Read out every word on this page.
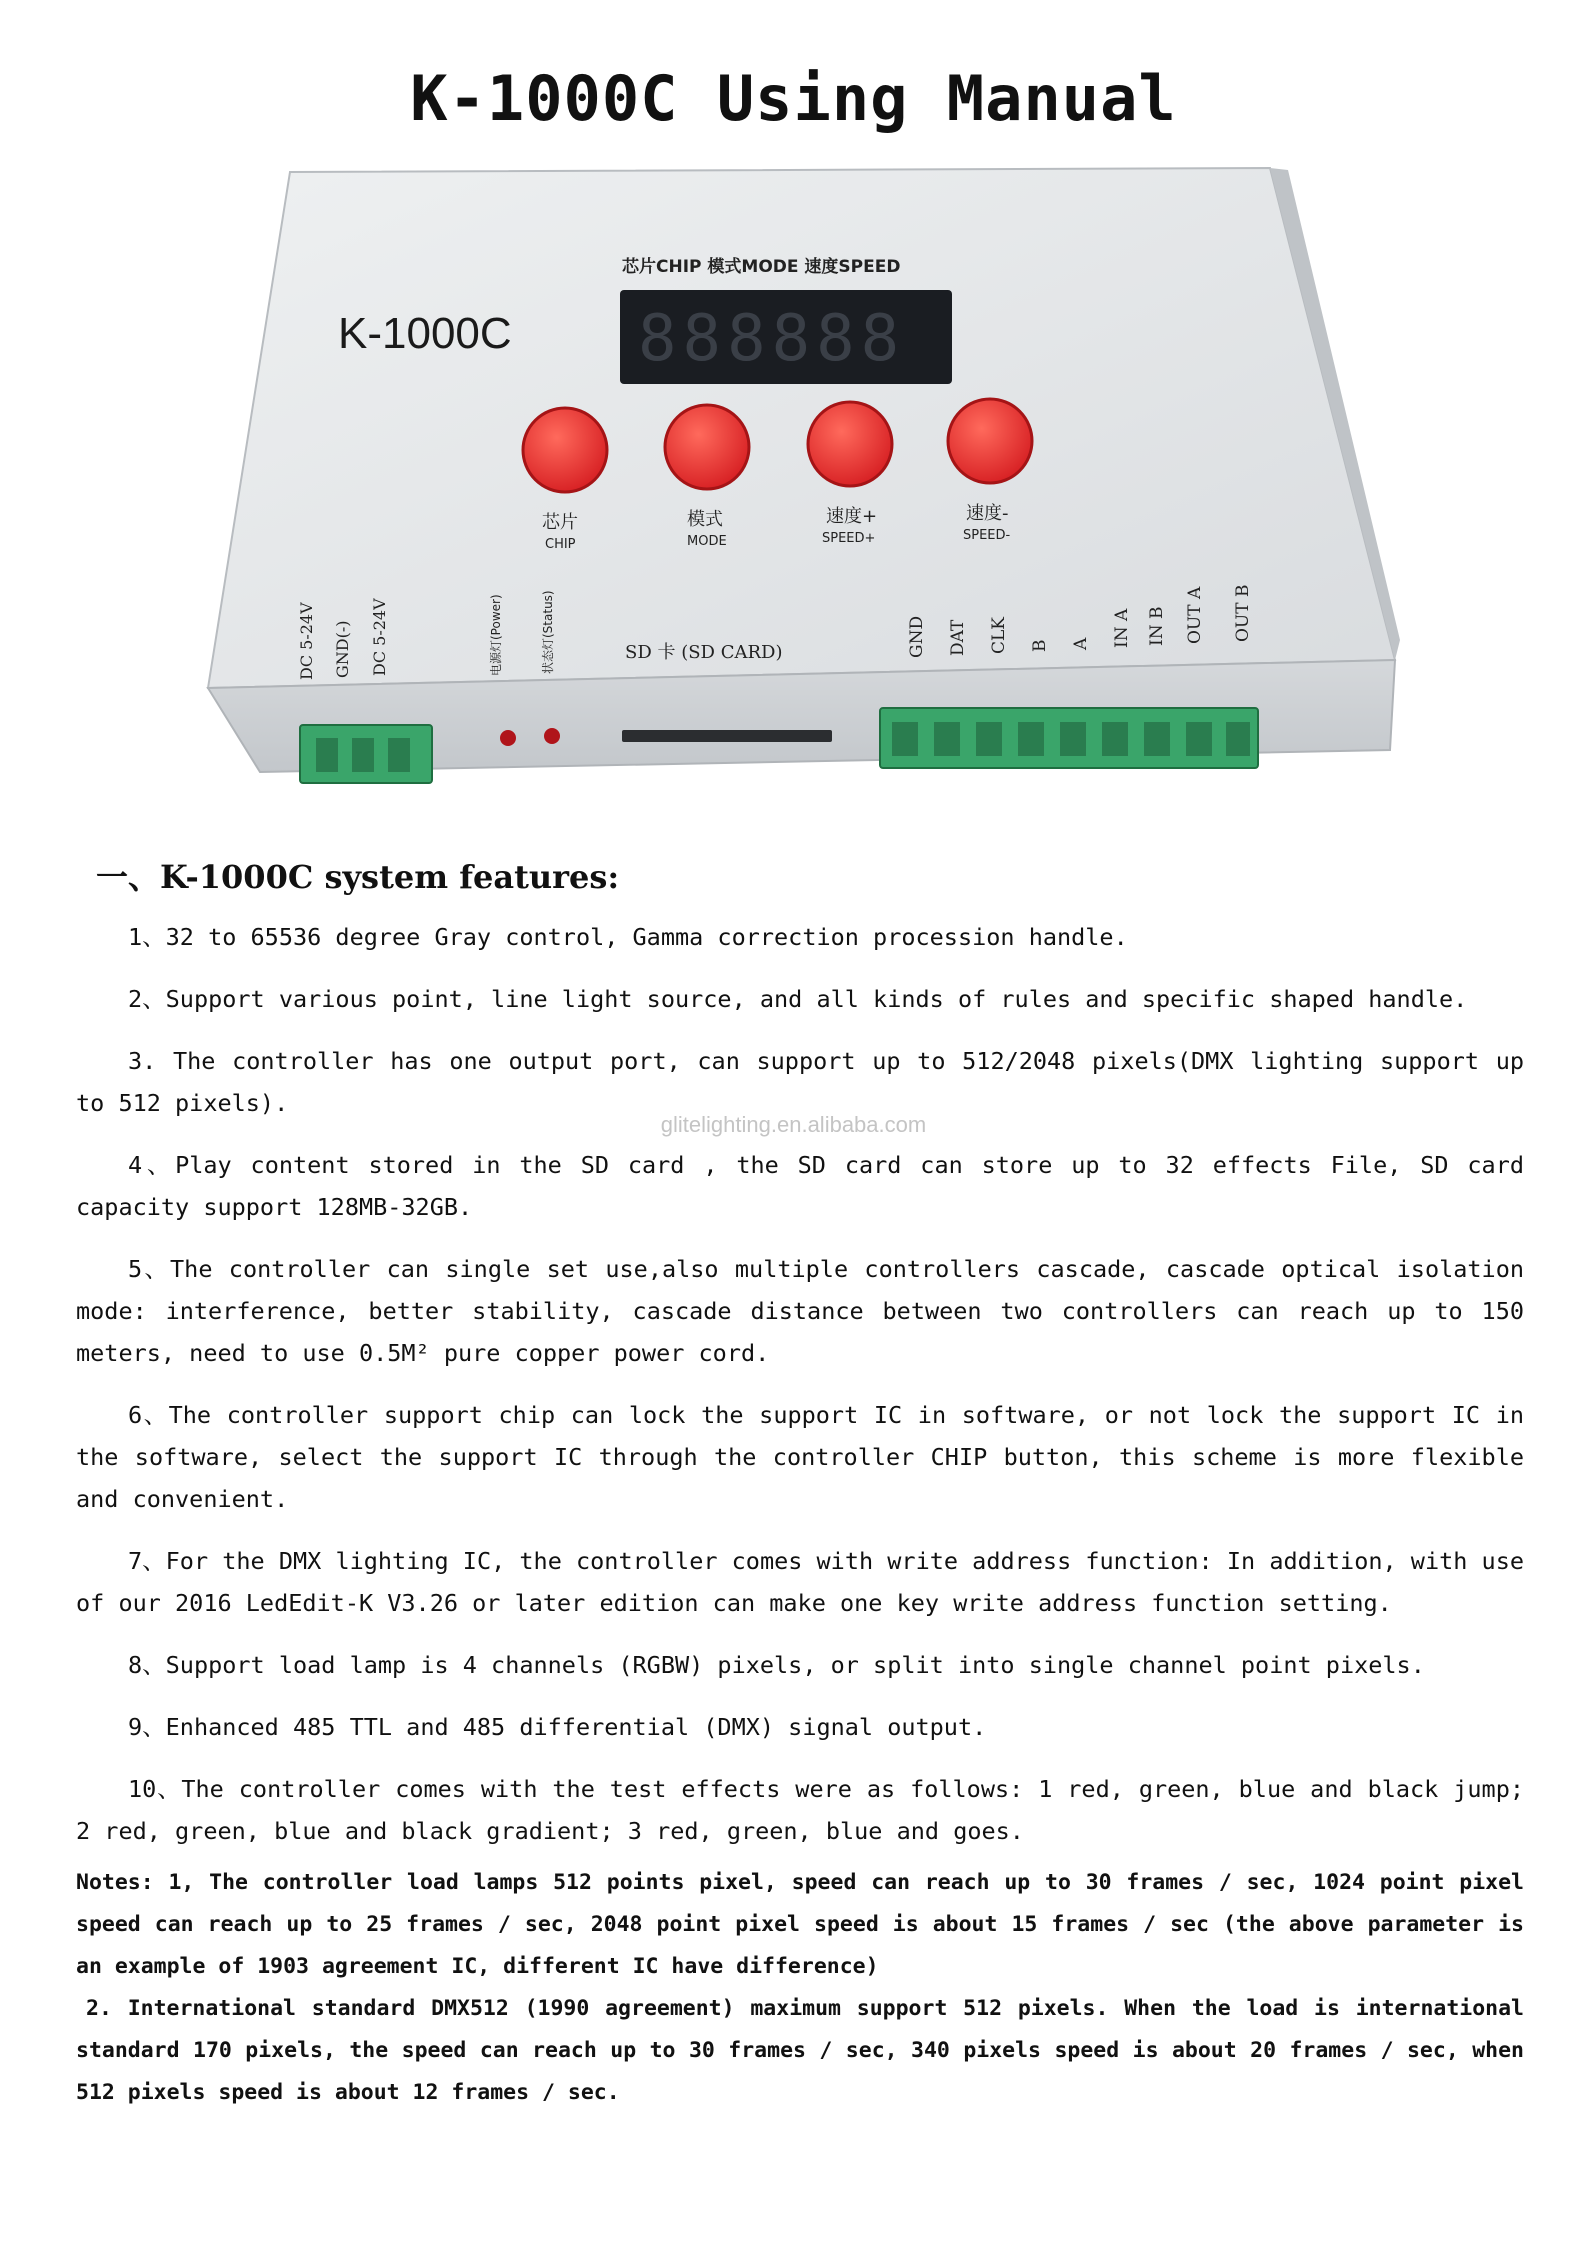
K-1000C Using Manual
K-1000C
芯片CHIP 模式MODE 速度SPEED
888888
芯片
CHIP
模式
MODE
速度+
SPEED+
速度-
SPEED-
DC 5-24V GND(-) DC 5-24V	电源灯(Power)	状态灯(Status)	SD 卡 (SD CARD)	GND DAT CLK B A IN A IN B OUT A OUT B
一、K-1000C system features:
glitelighting.en.alibaba.com

1、32 to 65536 degree Gray control, Gamma correction procession handle.

2、Support various point, line light source, and all kinds of rules and specific shaped handle.

3. The controller has one output port, can support up to 512/2048 pixels(DMX lighting support up to 512 pixels).

4、Play content stored in the SD card , the SD card can store up to 32 effects File, SD card capacity support 128MB-32GB.

5、The controller can single set use,also multiple controllers cascade, cascade optical isolation mode: interference, better stability, cascade distance between two controllers can reach up to 150 meters, need to use 0.5M² pure copper power cord.

6、The controller support chip can lock the support IC in software, or not lock the support IC in the software, select the support IC through the controller CHIP button, this scheme is more flexible and convenient.

7、For the DMX lighting IC, the controller comes with write address function: In addition, with use of our 2016 LedEdit-K V3.26 or later edition can make one key write address function setting.

8、Support load lamp is 4 channels (RGBW) pixels, or split into single channel point pixels.

9、Enhanced 485 TTL and 485 differential (DMX) signal output.

10、The controller comes with the test effects were as follows: 1 red, green, blue and black jump; 2 red, green, blue and black gradient; 3 red, green, blue and goes.

Notes: 1, The controller load lamps 512 points pixel, speed can reach up to 30 frames / sec, 1024 point pixel speed can reach up to 25 frames / sec, 2048 point pixel speed is about 15 frames / sec (the above parameter is an example of 1903 agreement IC, different IC have difference)

2. International standard DMX512 (1990 agreement) maximum support 512 pixels. When the load is international standard 170 pixels, the speed can reach up to 30 frames / sec, 340 pixels speed is about 20 frames / sec, when 512 pixels speed is about 12 frames / sec.
